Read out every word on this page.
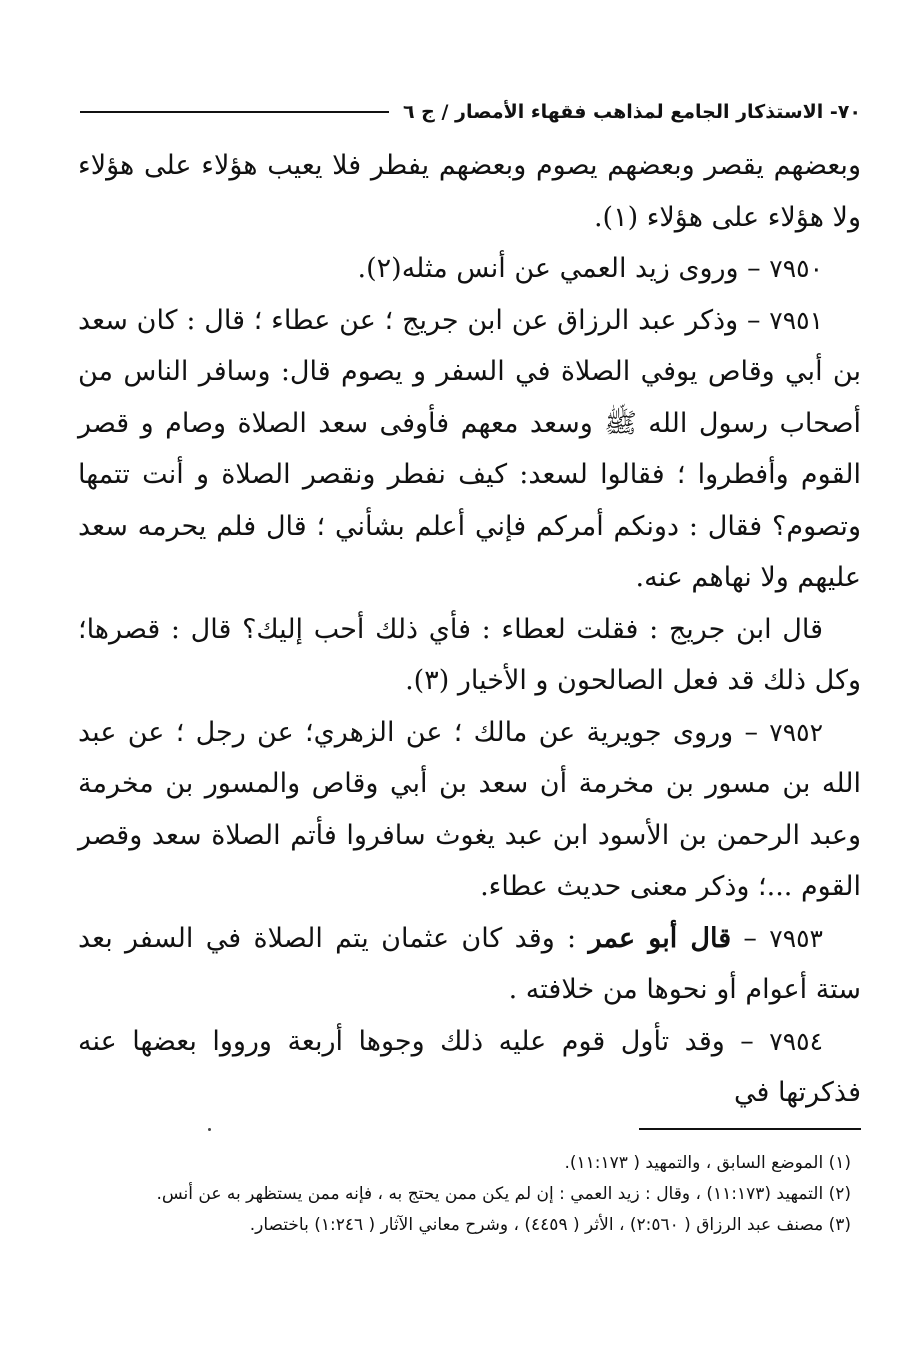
٧٠- الاستذكار الجامع لمذاهب فقهاء الأمصار / ج ٦

وبعضهم يقصر وبعضهم يصوم وبعضهم يفطر فلا يعيب هؤلاء على هؤلاء ولا هؤلاء على هؤلاء (١).

٧٩٥٠ – وروى زيد العمي عن أنس مثله(٢).

٧٩٥١ – وذكر عبد الرزاق عن ابن جريج ؛ عن عطاء ؛ قال : كان سعد بن أبي وقاص يوفي الصلاة في السفر و يصوم قال: وسافر الناس من أصحاب رسول الله ﷺ وسعد معهم فأوفى سعد الصلاة وصام و قصر القوم وأفطروا ؛ فقالوا لسعد: كيف نفطر ونقصر الصلاة و أنت تتمها وتصوم؟ فقال : دونكم أمركم فإني أعلم بشأني ؛ قال فلم يحرمه سعد عليهم ولا نهاهم عنه.

قال ابن جريج : فقلت لعطاء : فأي ذلك أحب إليك؟ قال : قصرها؛ وكل ذلك قد فعل الصالحون و الأخيار (٣).

٧٩٥٢ – وروى جويرية عن مالك ؛ عن الزهري؛ عن رجل ؛ عن عبد الله بن مسور بن مخرمة أن سعد بن أبي وقاص والمسور بن مخرمة وعبد الرحمن بن الأسود ابن عبد يغوث سافروا فأتم الصلاة سعد وقصر القوم ...؛ وذكر معنى حديث عطاء.

٧٩٥٣ – قال أبو عمر : وقد كان عثمان يتم الصلاة في السفر بعد ستة أعوام أو نحوها من خلافته .

٧٩٥٤ – وقد تأول قوم عليه ذلك وجوها أربعة ورووا بعضها عنه فذكرتها في

(١) الموضع السابق ، والتمهيد ( ١١:١٧٣).

(٢) التمهيد (١١:١٧٣) ، وقال : زيد العمي : إن لم يكن ممن يحتج به ، فإنه ممن يستظهر به عن أنس.

(٣) مصنف عبد الرزاق ( ٢:٥٦٠) ، الأثر ( ٤٤٥٩) ، وشرح معاني الآثار ( ١:٢٤٦) باختصار.
